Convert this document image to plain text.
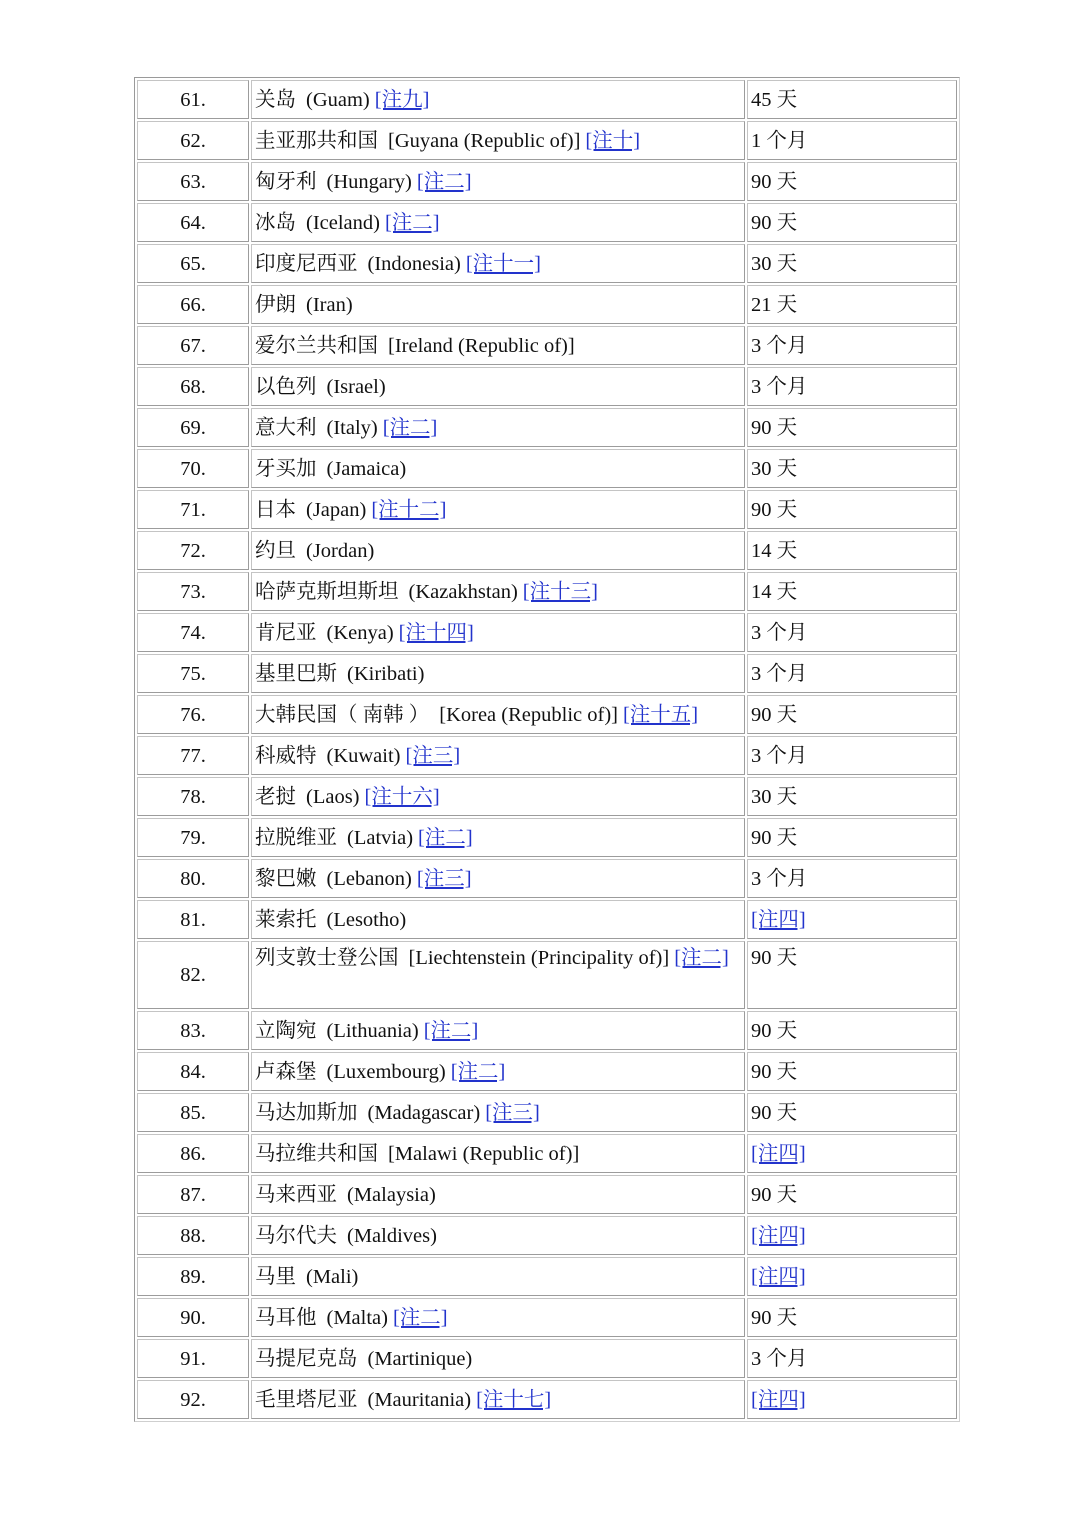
61.	关岛 (Guam) [注九]	45 天
62.	圭亚那共和国 [Guyana (Republic of)] [注十]	1 个月
63.	匈牙利 (Hungary) [注二]	90 天
64.	冰岛 (Iceland) [注二]	90 天
65.	印度尼西亚 (Indonesia) [注十一]	30 天
66.	伊朗 (Iran)	21 天
67.	爱尔兰共和国 [Ireland (Republic of)]	3 个月
68.	以色列 (Israel)	3 个月
69.	意大利 (Italy) [注二]	90 天
70.	牙买加 (Jamaica)	30 天
71.	日本 (Japan) [注十二]	90 天
72.	约旦 (Jordan)	14 天
73.	哈萨克斯坦斯坦 (Kazakhstan) [注十三]	14 天
74.	肯尼亚 (Kenya) [注十四]	3 个月
75.	基里巴斯 (Kiribati)	3 个月
76.	大韩民国（ 南韩 ） [Korea (Republic of)] [注十五]	90 天
77.	科威特 (Kuwait) [注三]	3 个月
78.	老挝 (Laos) [注十六]	30 天
79.	拉脱维亚 (Latvia) [注二]	90 天
80.	黎巴嫩 (Lebanon) [注三]	3 个月
81.	莱索托 (Lesotho)	[注四]
82.	列支敦士登公国 [Liechtenstein (Principality of)] [注二]	90 天
83.	立陶宛 (Lithuania) [注二]	90 天
84.	卢森堡 (Luxembourg) [注二]	90 天
85.	马达加斯加 (Madagascar) [注三]	90 天
86.	马拉维共和国 [Malawi (Republic of)]	[注四]
87.	马来西亚 (Malaysia)	90 天
88.	马尔代夫 (Maldives)	[注四]
89.	马里 (Mali)	[注四]
90.	马耳他 (Malta) [注二]	90 天
91.	马提尼克岛 (Martinique)	3 个月
92.	毛里塔尼亚 (Mauritania) [注十七]	[注四]
